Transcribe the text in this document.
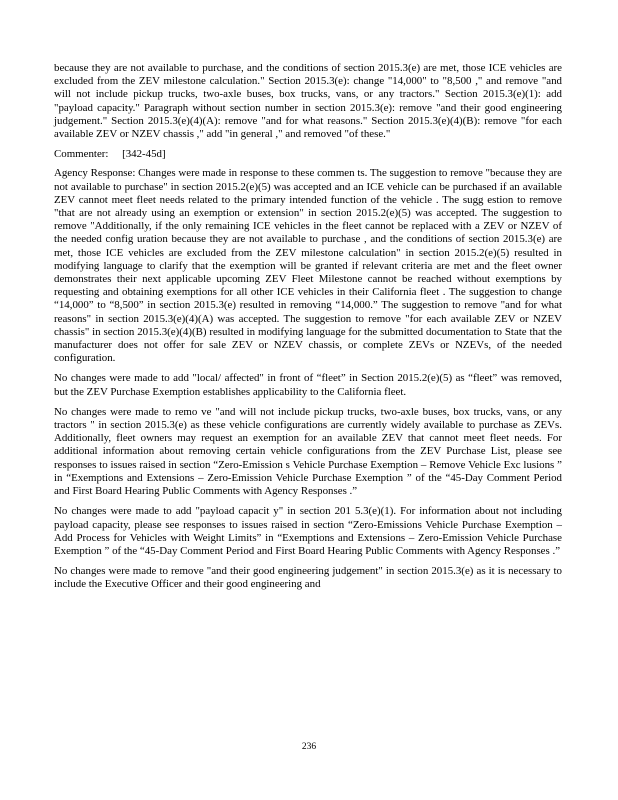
because they are not available to purchase, and the conditions of section 2015.3(e) are met, those ICE vehicles are excluded from the ZEV milestone calculation." Section 2015.3(e): change "14,000" to "8,500 ," and remove "and will not include pickup trucks, two-axle buses, box trucks, vans, or any tractors." Section 2015.3(e)(1): add "payload capacity." Paragraph without section number in section 2015.3(e): remove "and their good engineering judgement." Section 2015.3(e)(4)(A): remove "and for what reasons." Section 2015.3(e)(4)(B): remove "for each available ZEV or NZEV chassis ," add "in general ," and removed "of these."

Commenter: [342-45d]

Agency Response: Changes were made in response to these commen ts. The suggestion to remove "because they are not available to purchase" in section 2015.2(e)(5) was accepted and an ICE vehicle can be purchased if an available ZEV cannot meet fleet needs related to the primary intended function of the vehicle . The sugg estion to remove "that are not already using an exemption or extension" in section 2015.2(e)(5) was accepted. The suggestion to remove "Additionally, if the only remaining ICE vehicles in the fleet cannot be replaced with a ZEV or NZEV of the needed config uration because they are not available to purchase , and the conditions of section 2015.3(e) are met, those ICE vehicles are excluded from the ZEV milestone calculation" in section 2015.2(e)(5) resulted in modifying language to clarify that the exemption will be granted if relevant criteria are met and the fleet owner demonstrates their next applicable upcoming ZEV Fleet Milestone cannot be reached without exemptions by requesting and obtaining exemptions for all other ICE vehicles in their California fleet . The suggestion to change “14,000” to “8,500” in section 2015.3(e) resulted in removing “14,000.” The suggestion to remove "and for what reasons" in section 2015.3(e)(4)(A) was accepted. The suggestion to remove "for each available ZEV or NZEV chassis" in section 2015.3(e)(4)(B) resulted in modifying language for the submitted documentation to State that the manufacturer does not offer for sale ZEV or NZEV chassis, or complete ZEVs or NZEVs, of the needed configuration.

No changes were made to add "local/ affected" in front of “fleet” in Section 2015.2(e)(5) as “fleet” was removed, but the ZEV Purchase Exemption establishes applicability to the California fleet.

No changes were made to remo ve "and will not include pickup trucks, two-axle buses, box trucks, vans, or any tractors " in section 2015.3(e) as these vehicle configurations are currently widely available to purchase as ZEVs. Additionally, fleet owners may request an exemption for an available ZEV that cannot meet fleet needs. For additional information about removing certain vehicle configurations from the ZEV Purchase List, please see responses to issues raised in section “Zero-Emission s Vehicle Purchase Exemption – Remove Vehicle Exc lusions ” in “Exemptions and Extensions – Zero-Emission Vehicle Purchase Exemption ” of the “45-Day Comment Period and First Board Hearing Public Comments with Agency Responses .”

No changes were made to add "payload capacit y" in section 201 5.3(e)(1). For information about not including payload capacity, please see responses to issues raised in section “Zero-Emissions Vehicle Purchase Exemption – Add Process for Vehicles with Weight Limits” in “Exemptions and Extensions – Zero-Emission Vehicle Purchase Exemption ” of the “45-Day Comment Period and First Board Hearing Public Comments with Agency Responses .”

No changes were made to remove "and their good engineering judgement" in section 2015.3(e) as it is necessary to include the Executive Officer and their good engineering and

236
